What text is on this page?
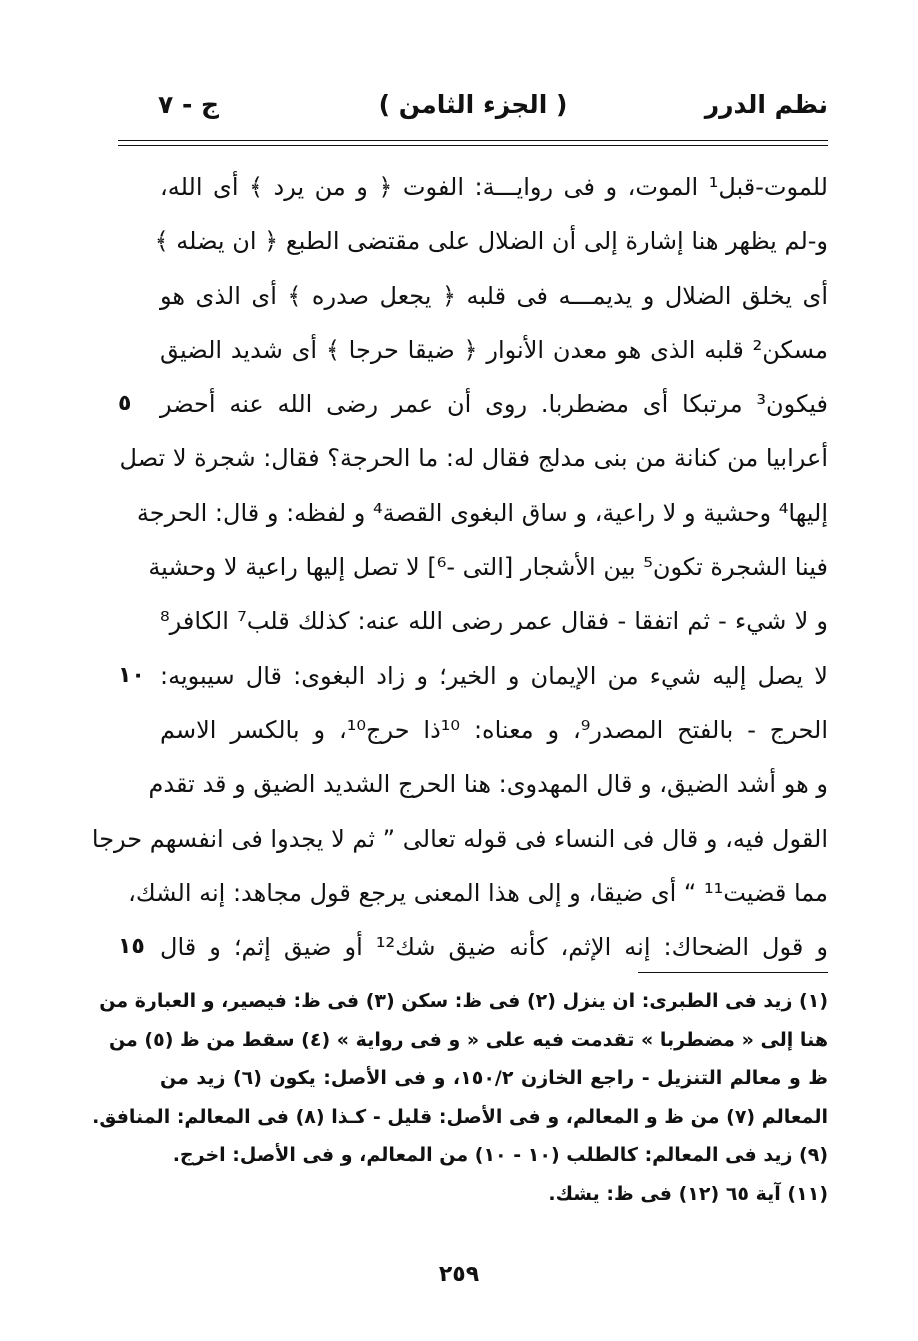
نظم الدرر
( الجزء الثامن )
ج - ٧
للموت-قبل¹ الموت، و فى روايـــة: الفوت ﴿ و من يرد ﴾ أى الله،
و-لم يظهر هنا إشارة إلى أن الضلال على مقتضى الطبع ﴿ ان يضله ﴾
أى يخلق الضلال و يديمـــه فى قلبه ﴿ يجعل صدره ﴾ أى الذى هو
مسكن² قلبه الذى هو معدن الأنوار ﴿ ضيقا حرجا ﴾ أى شديد الضيق
فيكون³ مرتبكا أى مضطربا. روى أن عمر رضى الله عنه أحضر
أعرابيا من كنانة من بنى مدلج فقال له: ما الحرجة؟ فقال: شجرة لا تصل
إليها⁴ وحشية و لا راعية، و ساق البغوى القصة⁴ و لفظه: و قال: الحرجة
فينا الشجرة تكون⁵ بين الأشجار [التى -⁶] لا تصل إليها راعية لا وحشية
و لا شيء - ثم اتفقا - فقال عمر رضى الله عنه: كذلك قلب⁷ الكافر⁸
لا يصل إليه شيء من الإيمان و الخير؛ و زاد البغوى: قال سيبويه:
الحرج - بالفتح المصدر⁹، و معناه: ¹⁰ذا حرج¹⁰، و بالكسر الاسم
و هو أشد الضيق، و قال المهدوى: هنا الحرج الشديد الضيق و قد تقدم
القول فيه، و قال فى النساء فى قوله تعالى ” ثم لا يجدوا فى انفسهم حرجا
مما قضيت¹¹ “ أى ضيقا، و إلى هذا المعنى يرجع قول مجاهد: إنه الشك،
و قول الضحاك: إنه الإثم، كأنه ضيق شك¹² أو ضيق إثم؛ و قال
٥
١٠
١٥
(١) زيد فى الطبرى: ان ينزل (٢) فى ظ: سكن (٣) فى ظ: فيصير، و العبارة من
هنا إلى « مضطربا » تقدمت فيه على « و فى رواية » (٤) سقط من ظ (٥) من
ظ و معالم التنزيل - راجع الخازن ١٥٠/٢، و فى الأصل: يكون (٦) زيد من
المعالم (٧) من ظ و المعالم، و فى الأصل: قليل - كـذا (٨) فى المعالم: المنافق.
(٩) زيد فى المعالم: كالطلب (١٠ - ١٠) من المعالم، و فى الأصل: اخرج.
(١١) آية ٦٥ (١٢) فى ظ: يشك.
٢٥٩
